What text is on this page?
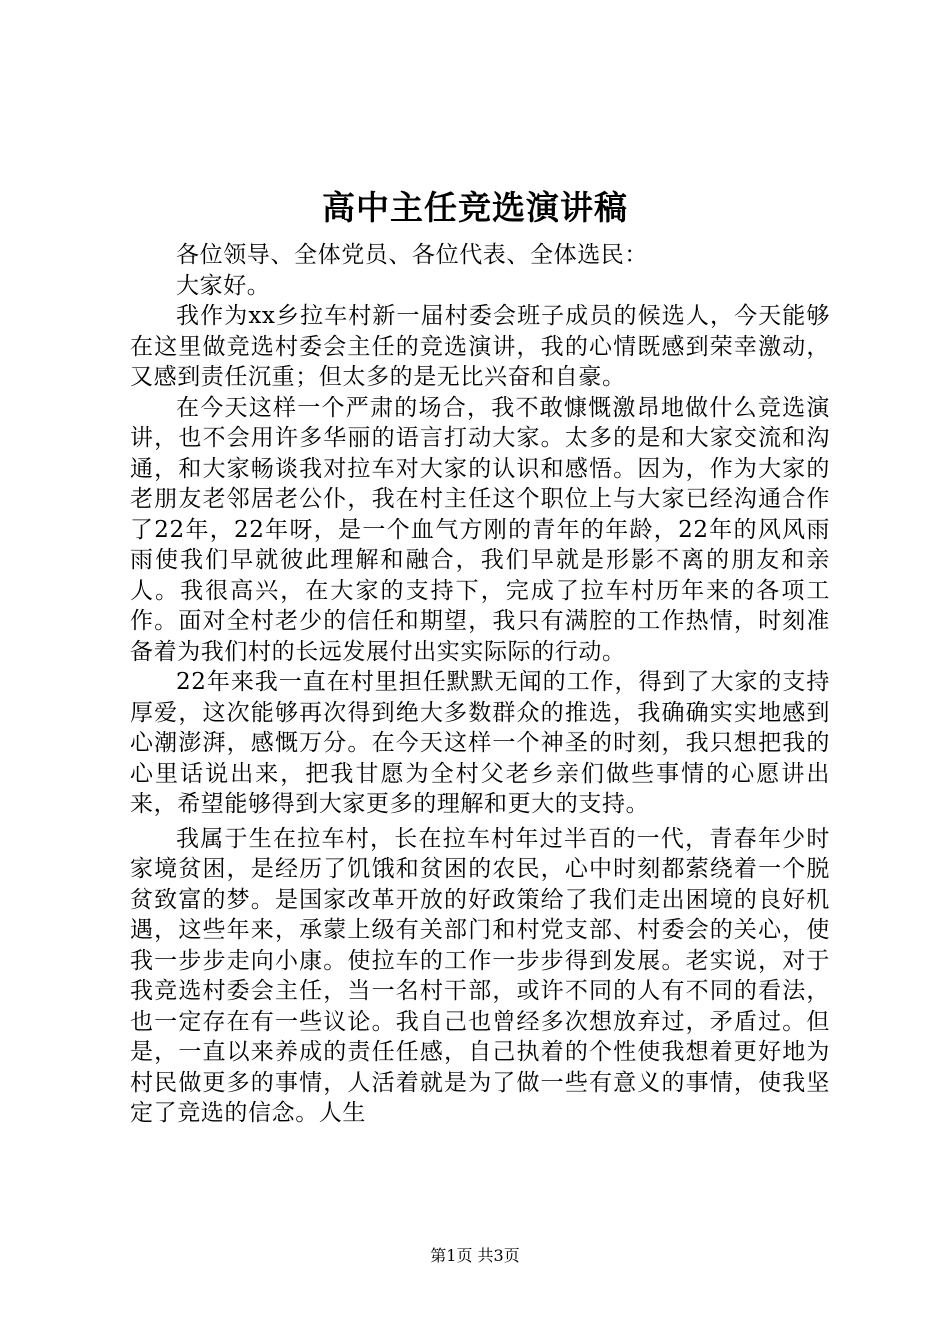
高中主任竞选演讲稿

各位领导、全体党员、各位代表、全体选民：

大家好。

我作为xx乡拉车村新一届村委会班子成员的候选人，今天能够在这里做竞选村委会主任的竞选演讲，我的心情既感到荣幸激动，又感到责任沉重；但太多的是无比兴奋和自豪。

在今天这样一个严肃的场合，我不敢慷慨激昂地做什么竞选演讲，也不会用许多华丽的语言打动大家。太多的是和大家交流和沟通，和大家畅谈我对拉车对大家的认识和感悟。因为，作为大家的老朋友老邻居老公仆，我在村主任这个职位上与大家已经沟通合作了22年，22年呀，是一个血气方刚的青年的年龄，22年的风风雨雨使我们早就彼此理解和融合，我们早就是形影不离的朋友和亲人。我很高兴，在大家的支持下，完成了拉车村历年来的各项工作。面对全村老少的信任和期望，我只有满腔的工作热情，时刻准备着为我们村的长远发展付出实实际际的行动。

22年来我一直在村里担任默默无闻的工作，得到了大家的支持厚爱，这次能够再次得到绝大多数群众的推选，我确确实实地感到心潮澎湃，感慨万分。在今天这样一个神圣的时刻，我只想把我的心里话说出来，把我甘愿为全村父老乡亲们做些事情的心愿讲出来，希望能够得到大家更多的理解和更大的支持。

我属于生在拉车村，长在拉车村年过半百的一代，青春年少时家境贫困，是经历了饥饿和贫困的农民，心中时刻都萦绕着一个脱贫致富的梦。是国家改革开放的好政策给了我们走出困境的良好机遇，这些年来，承蒙上级有关部门和村党支部、村委会的关心，使我一步步走向小康。使拉车的工作一步步得到发展。老实说，对于我竞选村委会主任，当一名村干部，或许不同的人有不同的看法，也一定存在有一些议论。我自己也曾经多次想放弃过，矛盾过。但是，一直以来养成的责任任感，自己执着的个性使我想着更好地为村民做更多的事情，人活着就是为了做一些有意义的事情，使我坚定了竞选的信念。人生

第1页 共3页
